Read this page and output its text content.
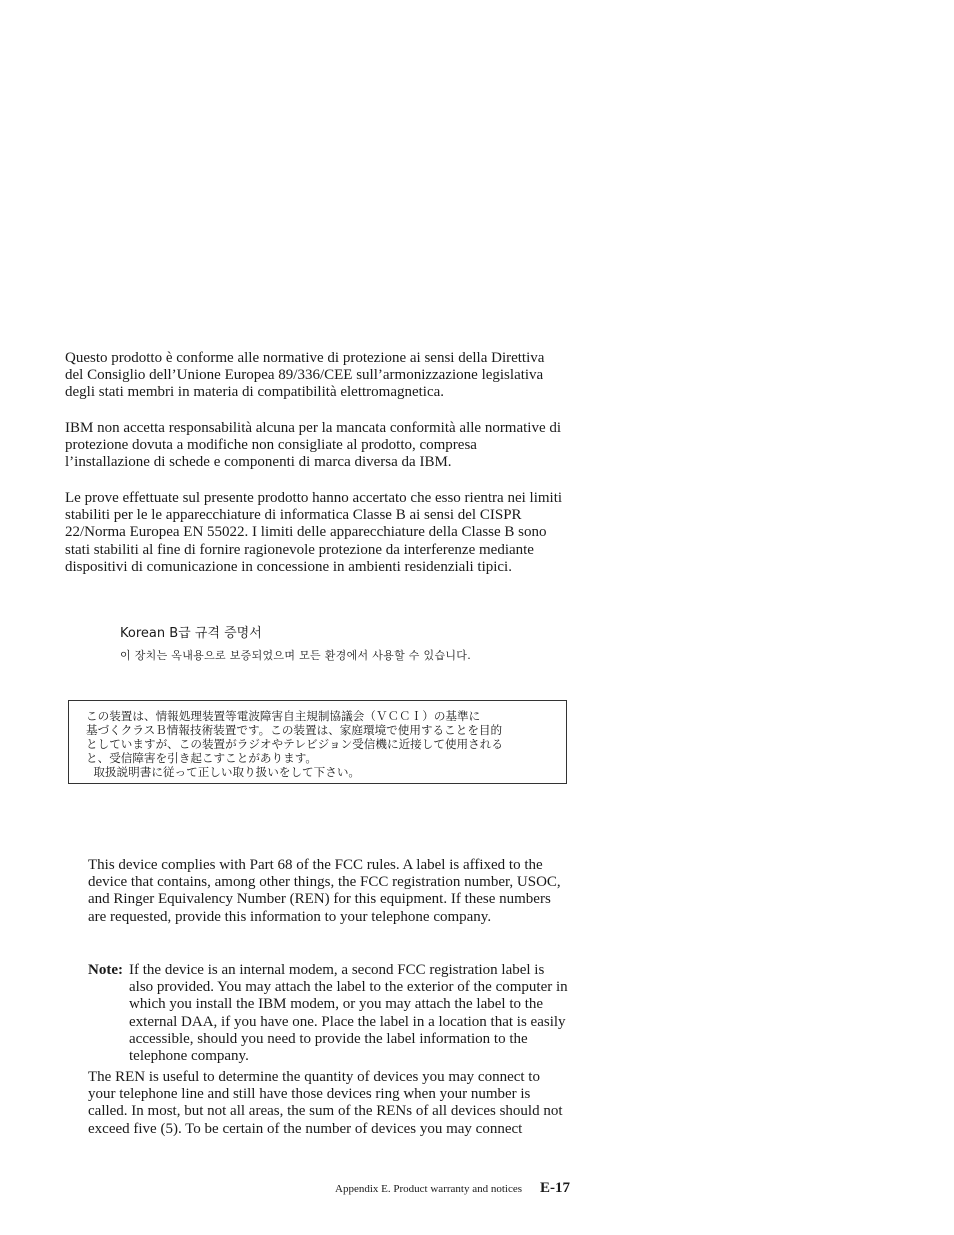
Questo prodotto è conforme alle normative di protezione ai sensi della Direttiva del Consiglio dell’Unione Europea 89/336/CEE sull’armonizzazione legislativa degli stati membri in materia di compatibilità elettromagnetica.

IBM non accetta responsabilità alcuna per la mancata conformità alle normative di protezione dovuta a modifiche non consigliate al prodotto, compresa l’installazione di schede e componenti di marca diversa da IBM.

Le prove effettuate sul presente prodotto hanno accertato che esso rientra nei limiti stabiliti per le le apparecchiature di informatica Classe B ai sensi del CISPR 22/Norma Europea EN 55022. I limiti delle apparecchiature della Classe B sono stati stabiliti al fine di fornire ragionevole protezione da interferenze mediante dispositivi di comunicazione in concessione in ambienti residenziali tipici.

Korean B급 규격 증명서
이 장치는 옥내용으로 보증되었으며 모든 환경에서 사용할 수 있습니다.
この装置は、情報処理装置等電波障害自主規制協議会（ＶＣＣＩ）の基準に
基づくクラスＢ情報技術装置です。この装置は、家庭環境で使用することを目的
としていますが、この装置がラジオやテレビジョン受信機に近接して使用される
と、受信障害を引き起こすことがあります。
取扱説明書に従って正しい取り扱いをして下さい。

This device complies with Part 68 of the FCC rules. A label is affixed to the device that contains, among other things, the FCC registration number, USOC, and Ringer Equivalency Number (REN) for this equipment. If these numbers are requested, provide this information to your telephone company.

Note: If the device is an internal modem, a second FCC registration label is also provided. You may attach the label to the exterior of the computer in which you install the IBM modem, or you may attach the label to the external DAA, if you have one. Place the label in a location that is easily accessible, should you need to provide the label information to the telephone company.

The REN is useful to determine the quantity of devices you may connect to your telephone line and still have those devices ring when your number is called. In most, but not all areas, the sum of the RENs of all devices should not exceed five (5). To be certain of the number of devices you may connect

Appendix E. Product warranty and notices E-17
